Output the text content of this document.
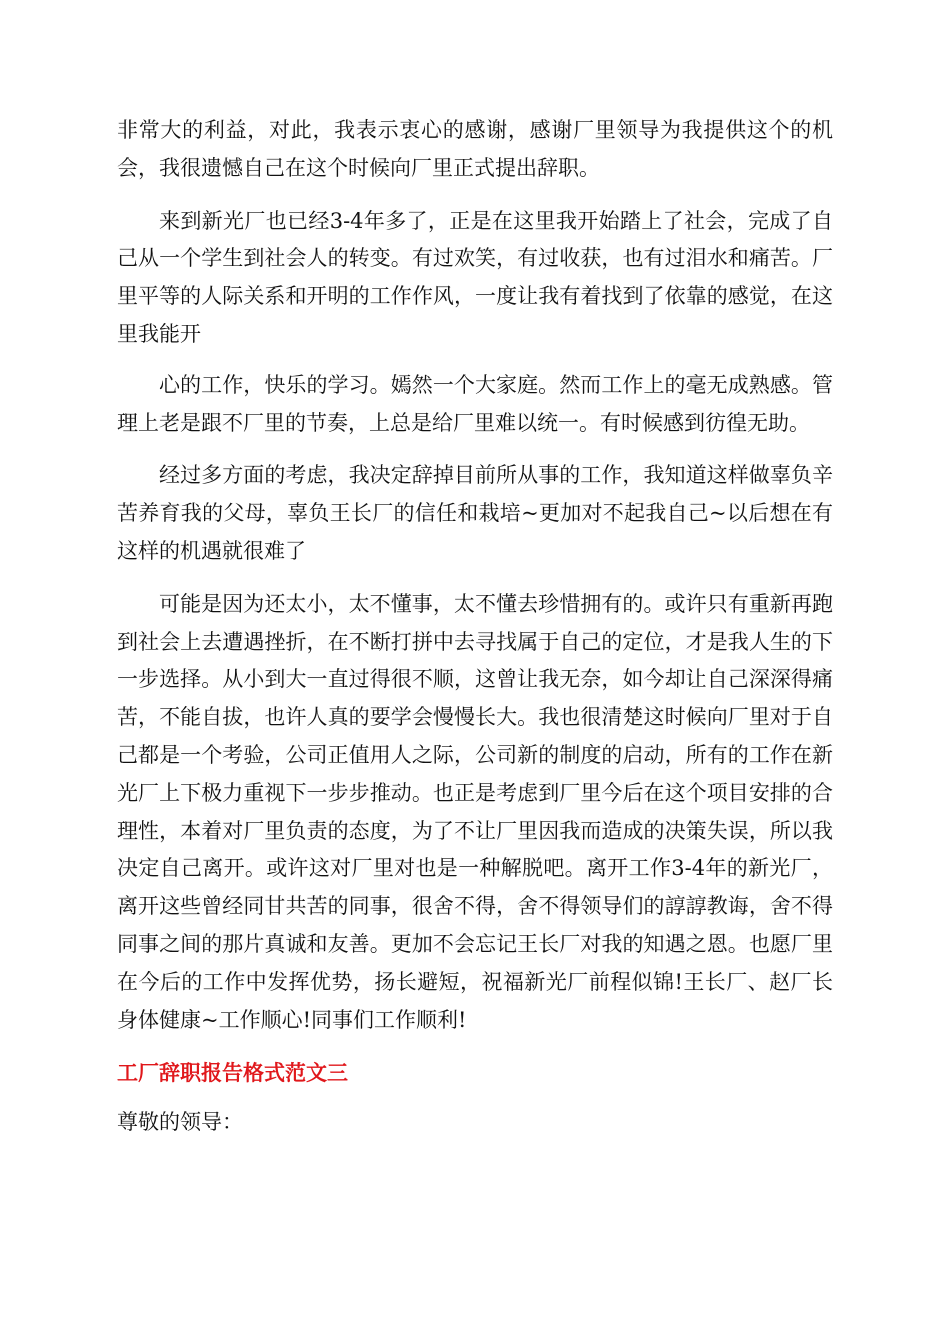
非常大的利益，对此，我表示衷心的感谢，感谢厂里领导为我提供这个的机会，我很遗憾自己在这个时候向厂里正式提出辞职。

来到新光厂也已经3-4年多了，正是在这里我开始踏上了社会，完成了自己从一个学生到社会人的转变。有过欢笑，有过收获，也有过泪水和痛苦。厂里平等的人际关系和开明的工作作风，一度让我有着找到了依靠的感觉，在这里我能开

心的工作，快乐的学习。嫣然一个大家庭。然而工作上的毫无成熟感。管理上老是跟不厂里的节奏，上总是给厂里难以统一。有时候感到彷徨无助。

经过多方面的考虑，我决定辞掉目前所从事的工作，我知道这样做辜负辛苦养育我的父母，辜负王长厂的信任和栽培~更加对不起我自己~以后想在有这样的机遇就很难了

可能是因为还太小，太不懂事，太不懂去珍惜拥有的。或许只有重新再跑到社会上去遭遇挫折，在不断打拼中去寻找属于自己的定位，才是我人生的下一步选择。从小到大一直过得很不顺，这曾让我无奈，如今却让自己深深得痛苦，不能自拔，也许人真的要学会慢慢长大。我也很清楚这时候向厂里对于自己都是一个考验，公司正值用人之际，公司新的制度的启动，所有的工作在新光厂上下极力重视下一步步推动。也正是考虑到厂里今后在这个项目安排的合理性，本着对厂里负责的态度，为了不让厂里因我而造成的决策失误，所以我决定自己离开。或许这对厂里对也是一种解脱吧。离开工作3-4年的新光厂，离开这些曾经同甘共苦的同事，很舍不得，舍不得领导们的諄諄教诲，舍不得同事之间的那片真诚和友善。更加不会忘记王长厂对我的知遇之恩。也愿厂里在今后的工作中发挥优势，扬长避短，祝福新光厂前程似锦!王长厂、赵厂长身体健康~工作顺心!同事们工作顺利!

工厂辞职报告格式范文三

尊敬的领导：
